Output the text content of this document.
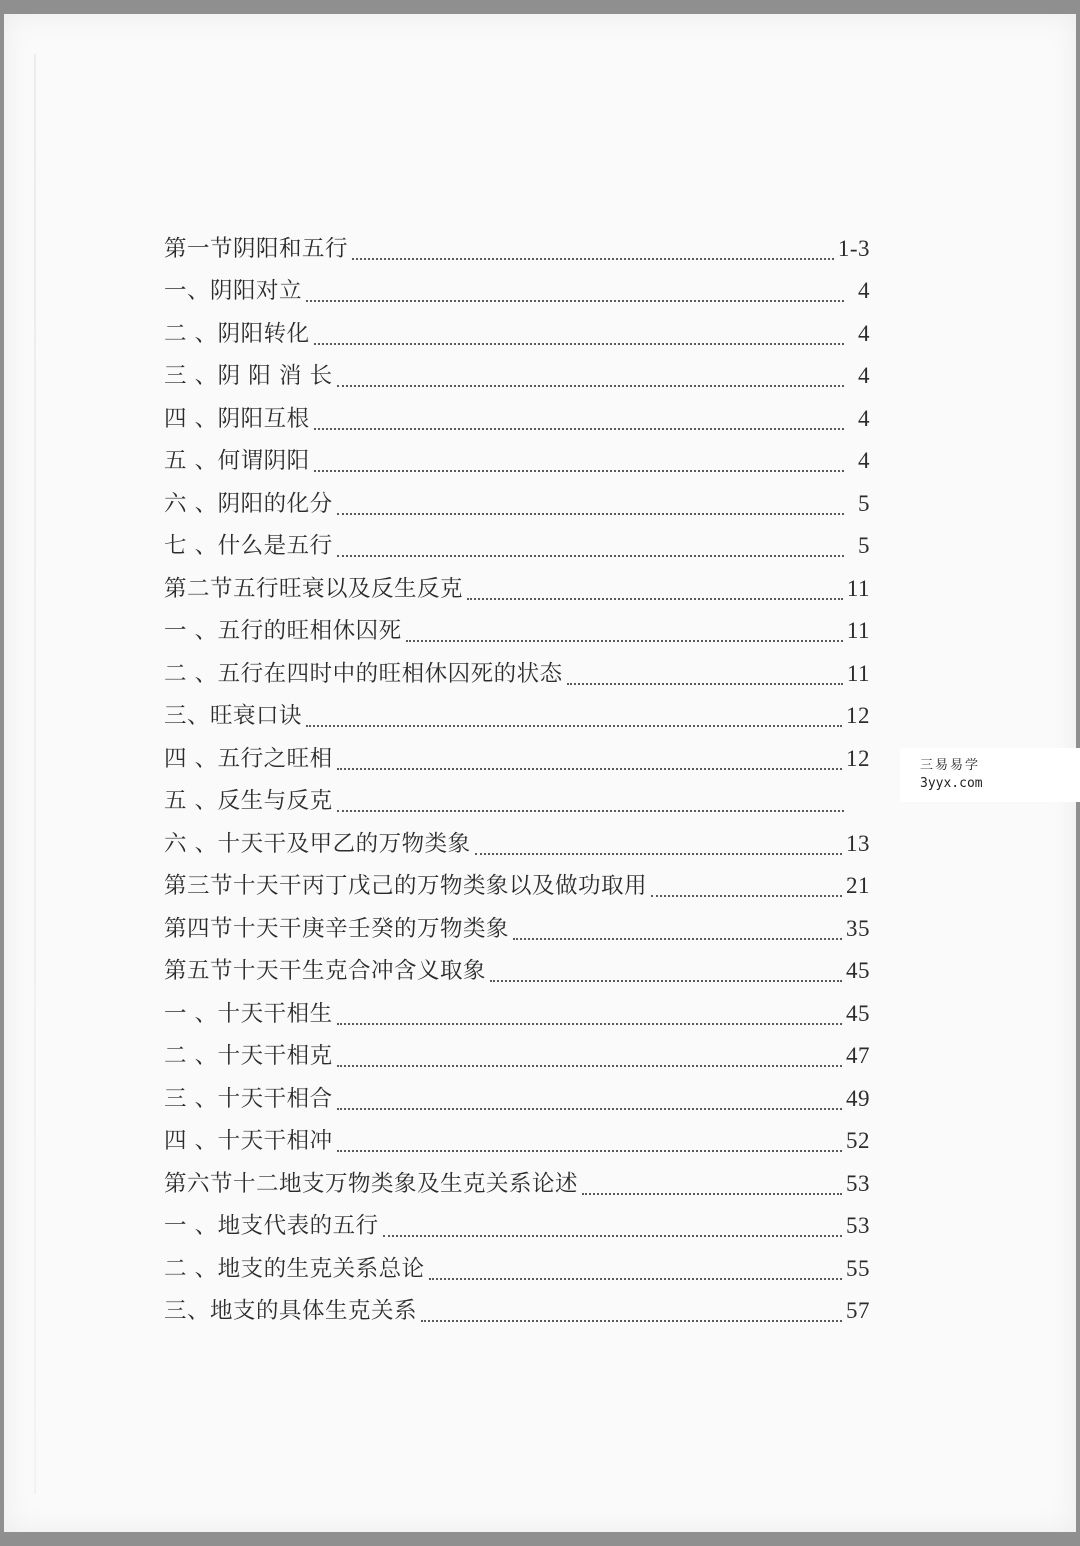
第一节阴阳和五行	1-3
一、阴阳对立	4
二 、阴阳转化	4
三 、阴 阳 消 长	4
四 、阴阳互根	4
五 、何谓阴阳	4
六 、阴阳的化分	5
七 、什么是五行	5
第二节五行旺衰以及反生反克	11
一 、五行的旺相休囚死	11
二 、五行在四时中的旺相休囚死的状态	11
三、旺衰口诀	12
四 、五行之旺相	12
五 、反生与反克
六 、十天干及甲乙的万物类象	13
第三节十天干丙丁戊己的万物类象以及做功取用	21
第四节十天干庚辛壬癸的万物类象	35
第五节十天干生克合冲含义取象	45
一 、十天干相生	45
二 、十天干相克	47
三 、十天干相合	49
四 、十天干相冲	52
第六节十二地支万物类象及生克关系论述	53
一 、地支代表的五行	53
二 、地支的生克关系总论	55
三、地支的具体生克关系	57
三易易学
3yyx.com
